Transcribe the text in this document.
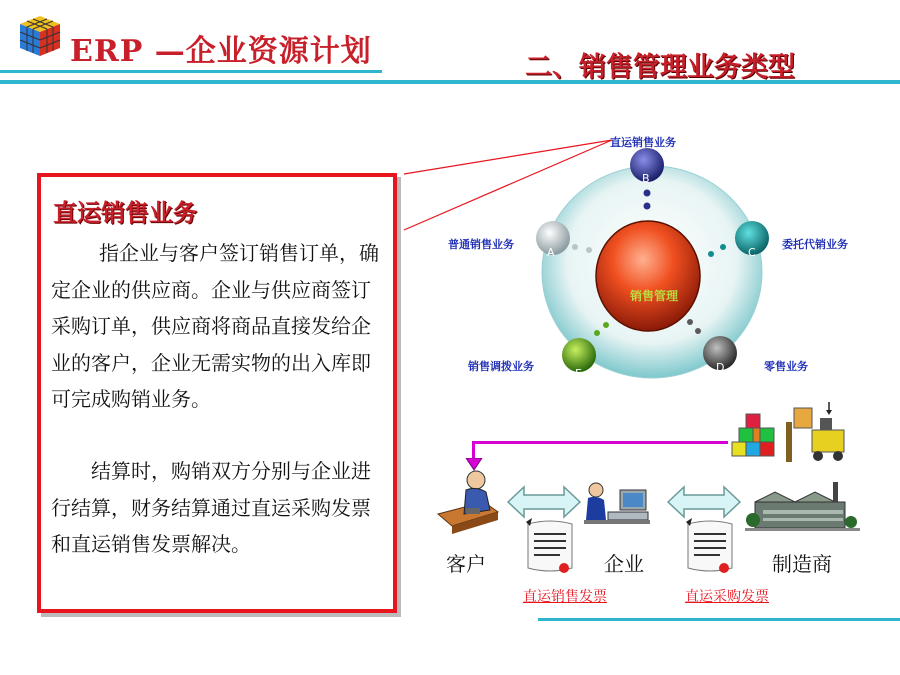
ERP —企业资源计划	二、销售管理业务类型
直运销售业务
指企业与客户签订销售订单，确定企业的供应商。企业与供应商签订采购订单，供应商将商品直接发给企业的客户，企业无需实物的出入库即可完成购销业务。
结算时，购销双方分别与企业进行结算，财务结算通过直运采购发票和直运销售发票解决。
销售管理
B
A	C
D
E
直运销售业务
普通销售业务	委托代销业务
零售业务
销售调拨业务
客户	企业	制造商
直运销售发票	直运采购发票
